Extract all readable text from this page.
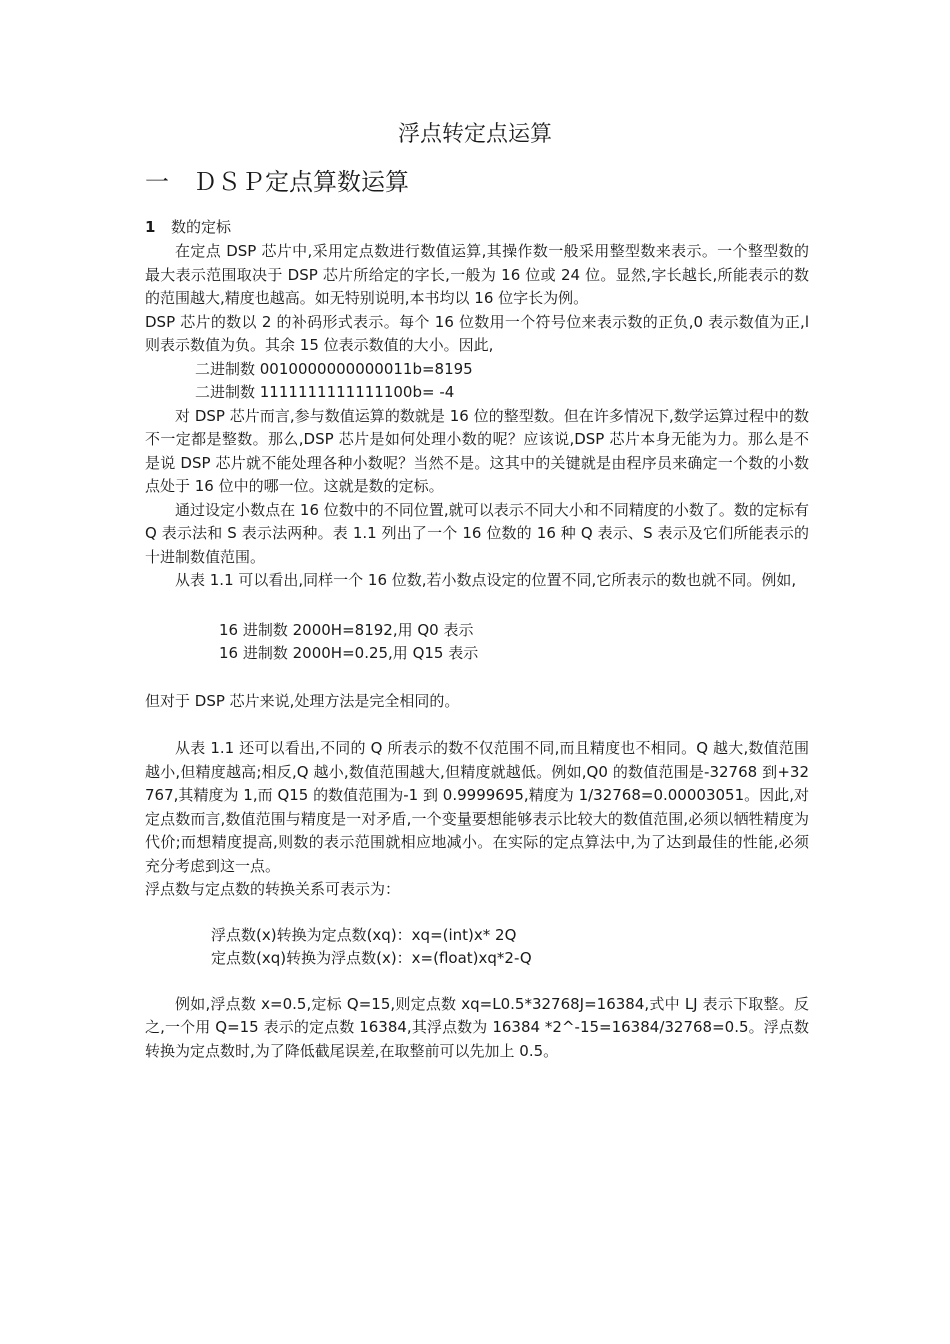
浮点转定点运算
一 ＤＳＰ定点算数运算
1 数的定标

在定点 DSP 芯片中,采用定点数进行数值运算,其操作数一般采用整型数来表示。一个整型数的最大表示范围取决于 DSP 芯片所给定的字长,一般为 16 位或 24 位。显然,字长越长,所能表示的数的范围越大,精度也越高。如无特别说明,本书均以 16 位字长为例。

DSP 芯片的数以 2 的补码形式表示。每个 16 位数用一个符号位来表示数的正负,0 表示数值为正,l 则表示数值为负。其余 15 位表示数值的大小。因此,

二进制数 0010000000000011b=8195

二进制数 1111111111111100b= -4

对 DSP 芯片而言,参与数值运算的数就是 16 位的整型数。但在许多情况下,数学运算过程中的数不一定都是整数。那么,DSP 芯片是如何处理小数的呢？应该说,DSP 芯片本身无能为力。那么是不是说 DSP 芯片就不能处理各种小数呢？当然不是。这其中的关键就是由程序员来确定一个数的小数点处于 16 位中的哪一位。这就是数的定标。

通过设定小数点在 16 位数中的不同位置,就可以表示不同大小和不同精度的小数了。数的定标有 Q 表示法和 S 表示法两种。表 1.1 列出了一个 16 位数的 16 种 Q 表示、S 表示及它们所能表示的十进制数值范围。

从表 1.1 可以看出,同样一个 16 位数,若小数点设定的位置不同,它所表示的数也就不同。例如,

16 进制数 2000H=8192,用 Q0 表示

16 进制数 2000H=0.25,用 Q15 表示

但对于 DSP 芯片来说,处理方法是完全相同的。

从表 1.1 还可以看出,不同的 Q 所表示的数不仅范围不同,而且精度也不相同。Q 越大,数值范围越小,但精度越高;相反,Q 越小,数值范围越大,但精度就越低。例如,Q0 的数值范围是-32768 到+32767,其精度为 1,而 Q15 的数值范围为-1 到 0.9999695,精度为 1/32768=0.00003051。因此,对定点数而言,数值范围与精度是一对矛盾,一个变量要想能够表示比较大的数值范围,必须以牺牲精度为代价;而想精度提高,则数的表示范围就相应地减小。在实际的定点算法中,为了达到最佳的性能,必须充分考虑到这一点。

浮点数与定点数的转换关系可表示为：

浮点数(x)转换为定点数(xq)：xq=(int)x* 2Q

定点数(xq)转换为浮点数(x)：x=(float)xq*2-Q

例如,浮点数 x=0.5,定标 Q=15,则定点数 xq=L0.5*32768J=16384,式中 LJ 表示下取整。反之,一个用 Q=15 表示的定点数 16384,其浮点数为 16384 *2^-15=16384/32768=0.5。浮点数转换为定点数时,为了降低截尾误差,在取整前可以先加上 0.5。
